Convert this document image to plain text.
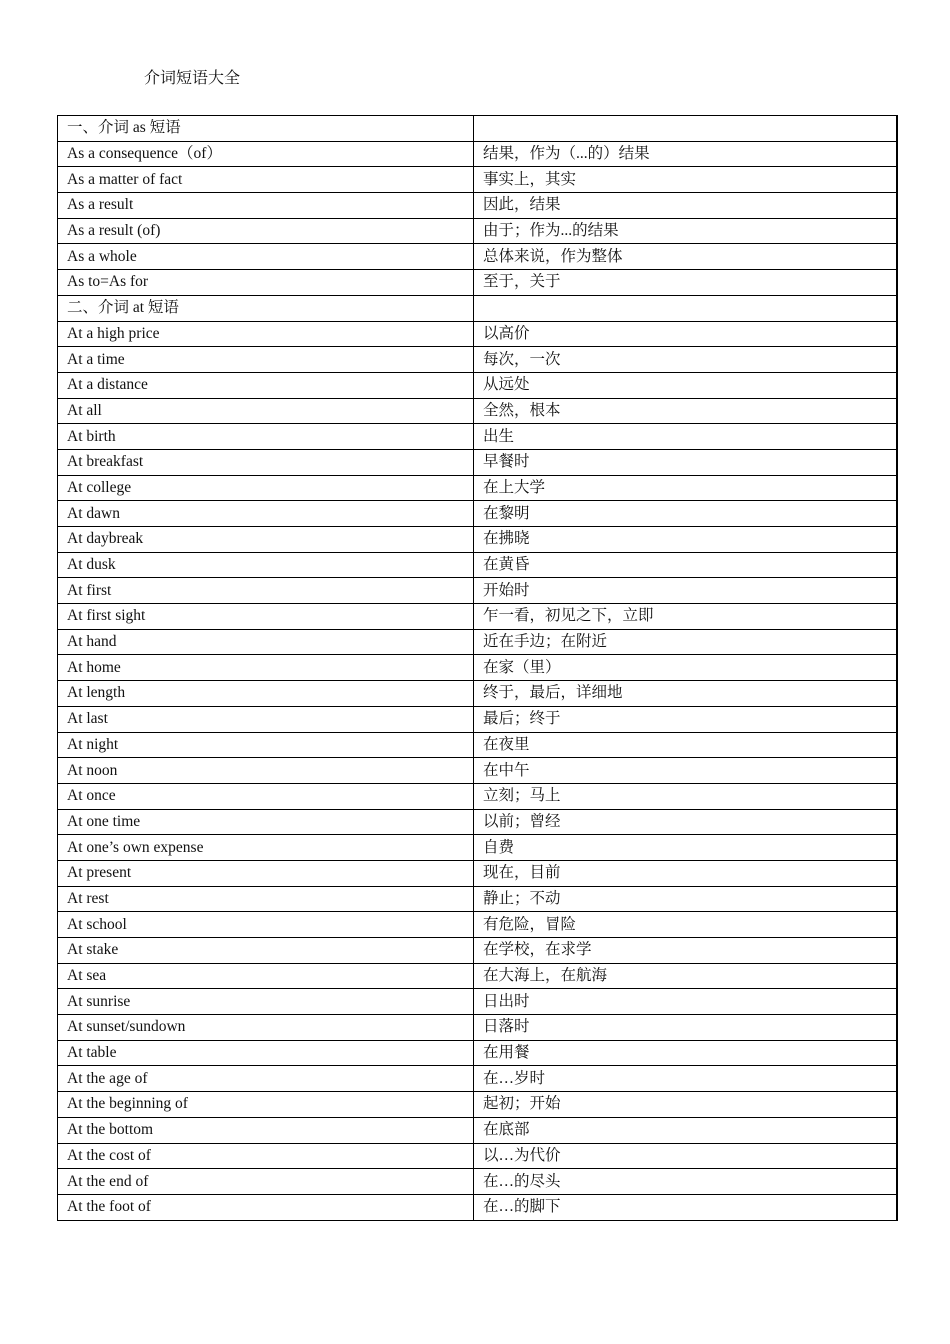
介词短语大全
一、介词 as 短语	
As a consequence（of）	结果，作为（...的）结果
As a matter of fact	事实上，其实
As a result	因此，结果
As a result (of)	由于；作为...的结果
As a whole	总体来说，作为整体
As to=As for	至于，关于
二、介词 at 短语	
At a high price	以高价
At a time	每次，一次
At a distance	从远处
At all	全然，根本
At birth	出生
At breakfast	早餐时
At college	在上大学
At dawn	在黎明
At daybreak	在拂晓
At dusk	在黄昏
At first	开始时
At first sight	乍一看，初见之下，立即
At hand	近在手边；在附近
At home	在家（里）
At length	终于，最后，详细地
At last	最后；终于
At night	在夜里
At noon	在中午
At once	立刻；马上
At one time	以前；曾经
At one’s own expense	自费
At present	现在，目前
At rest	静止；不动
At school	有危险，冒险
At stake	在学校，在求学
At sea	在大海上，在航海
At sunrise	日出时
At sunset/sundown	日落时
At table	在用餐
At the age of	在…岁时
At the beginning of	起初；开始
At the bottom	在底部
At the cost of	以…为代价
At the end of	在…的尽头
At the foot of	在…的脚下
